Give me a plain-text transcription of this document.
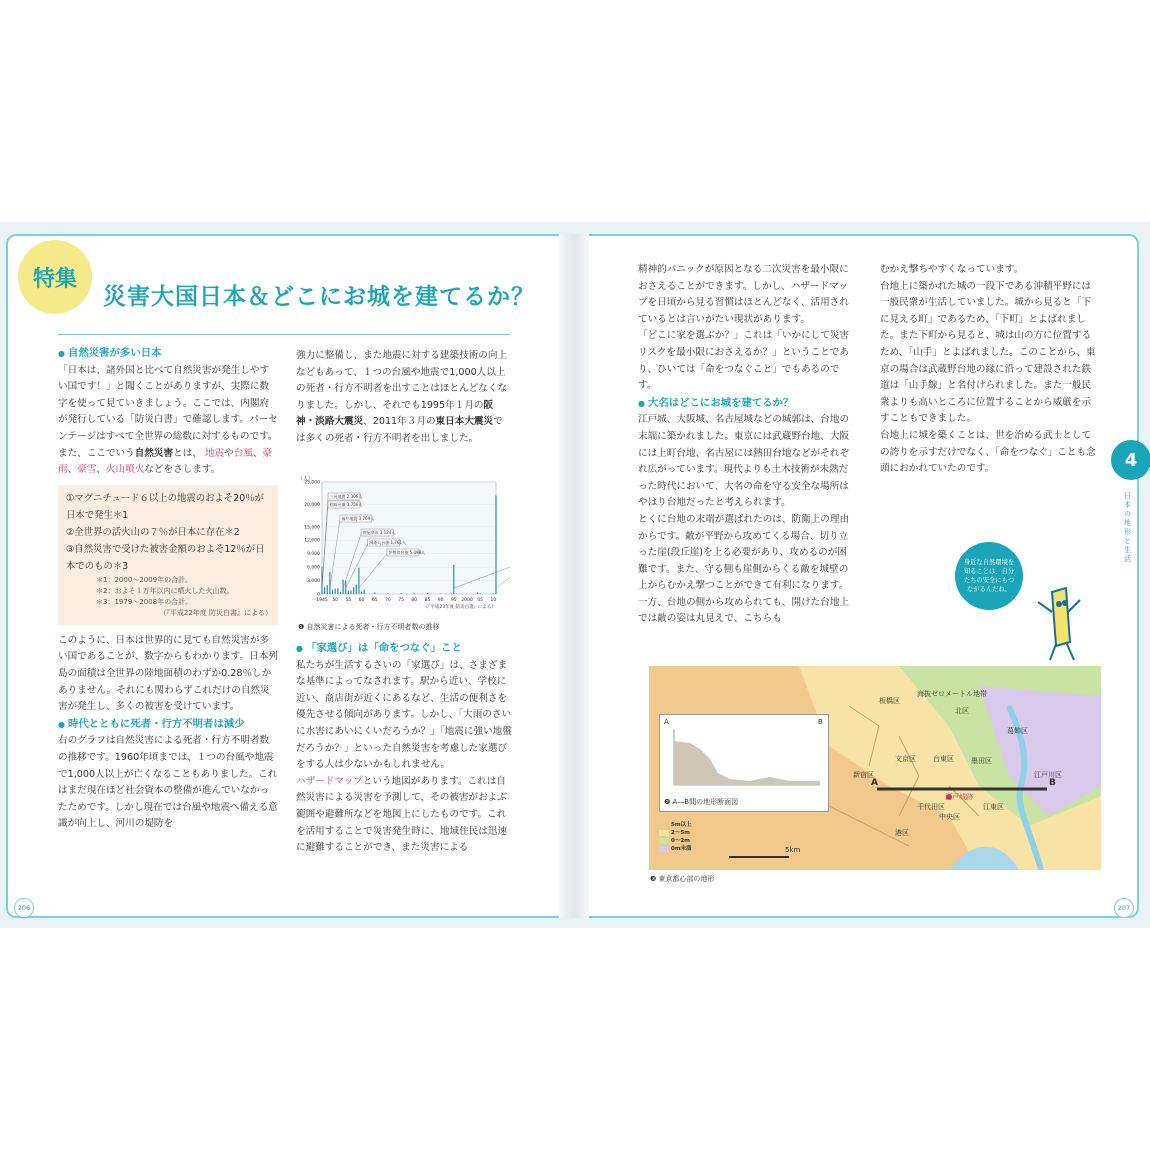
特集
災害大国日本＆どこにお城を建てるか？

● 自然災害が多い日本

「日本は、諸外国と比べて自然災害が発生しやすい国です！」と聞くことがありますが、実際に数字を使って見ていきましょう。ここでは、内閣府が発行している「防災白書」で確認します。パーセンテージはすべて全世界の総数に対するものです。また、ここでいう自然災害とは、 地震や台風、豪雨、豪雪、火山噴火などをさします。

①マグニチュード６以上の地震のおよそ20％が日本で発生＊1
②全世界の活火山の７％が日本に存在＊2
③自然災害で受けた被害金額のおよそ12％が日本でのもの＊3
＊1：2000～2009年の合計。
＊2：およそ１万年以内に噴火した火山数。
＊3：1979～2008年の合計。
（『平成22年度 防災白書』による）

このように、日本は世界的に見ても自然災害が多い国であることが、数字からもわかります。日本列島の面積は全世界の陸地面積のわずか0.28％しかありません。それにも関わらずこれだけの自然災害が発生し、多くの被害を受けています。

● 時代とともに死者・行方不明者は減少

右のグラフは自然災害による死者・行方不明者数の推移です。1960年頃までは、１つの台風や地震で1,000人以上が亡くなることもありました。これはまだ現在ほど社会資本の整備が進んでいなかったためです。しかし現在では台風や地震へ備える意識が向上し、河川の堤防を

強力に整備し、また地震に対する建築技術の向上などもあって、１つの台風や地震で1,000人以上の死者・行方不明者を出すことはほとんどなくなりました。しかし、それでも1995年１月の阪神・淡路大震災、2011年３月の東日本大震災では多くの死者・行方不明者を出しました。

（人）
25,000
20,000
15,000
12,000
9,000
6,000
3,000
0
1945 50 55 60 65 70 75 80 85 90 95 2000 05 10
三河地震 2,306人
枕崎台風 3,756人
福井地震 3,769人
南紀豪雨 1,124人
洞爺丸台風 1,761人
伊勢湾台風 5,098人
（『平成23年度 防災白書』による）
❶ 自然災害による死者・行方不明者数の推移

● 「家選び」は「命をつなぐ」こと

私たちが生活するさいの「家選び」は、さまざまな基準によってなされます。駅から近い、学校に近い、商店街が近くにあるなど、生活の便利さを優先させる傾向があります。しかし、「大雨のさいに水害にあいにくいだろうか？」「地震に強い地盤だろうか？」といった自然災害を考慮した家選びをする人は少ないかもしれません。

ハザードマップという地図があります。これは自然災害による災害を予測して、その被害がおよぶ範囲や避難所などを地図上にしたものです。これを活用することで災害発生時に、地域住民は迅速に避難することができ、また災害による

精神的パニックが原因となる二次災害を最小限におさえることができます。しかし、ハザードマップを日頃から見る習慣はほとんどなく、活用されているとは言いがたい現状があります。

「どこに家を選ぶか？」これは「いかにして災害リスクを最小限におさえるか？」ということであり、ひいては「命をつなぐこと」でもあるのです。

● 大名はどこにお城を建てるか？

江戸城、大阪城、名古屋城などの城郭は、台地の末端に築かれました。東京には武蔵野台地、大阪には上町台地、名古屋には熱田台地などがそれぞれ広がっています。現代よりも土木技術が未熟だった時代において、大名の命を守る安全な場所はやはり台地だったと考えられます。

とくに台地の末端が選ばれたのは、防衛上の理由からです。敵が平野から攻めてくる場合、切り立った崖(段丘崖)を上る必要があり、攻めるのが困難です。また、守る側も崖側からくる敵を城壁の上からむかえ撃つことができて有利になります。一方、台地の側から攻められても、開けた台地上では敵の姿は丸見えで、こちらも

むかえ撃ちやすくなっています。

台地上に築かれた城の一段下である沖積平野には一般民衆が生活していました。城から見ると「下に見える町」であるため、「下町」とよばれました。また下町から見ると、城は山の方に位置するため、「山手」とよばれました。このことから、東京の場合は武蔵野台地の縁に沿って建設された鉄道は「山手線」と名付けられました。また一般民衆よりも高いところに位置することから威厳を示すこともできました。

台地上に城を築くことは、世を治める武士としての誇りを示すだけでなく、「命をつなぐ」ことも念頭におかれていたのです。	4
日本の地形と生活
身近な自然環境を知ることは、自分たちの安全にもつながるんだね。
海抜ゼロメートル地帯
北区
板橋区
葛飾区
文京区 台東区 墨田区
新宿区	江戸川区
江戸城跡
千代田区
中央区
江東区
港区
A	B
A	B
❷ A―B間の地形断面図
5m以上
2～5m
0～2m
0m未満	5km
❸ 東京都心部の地形
206	207
